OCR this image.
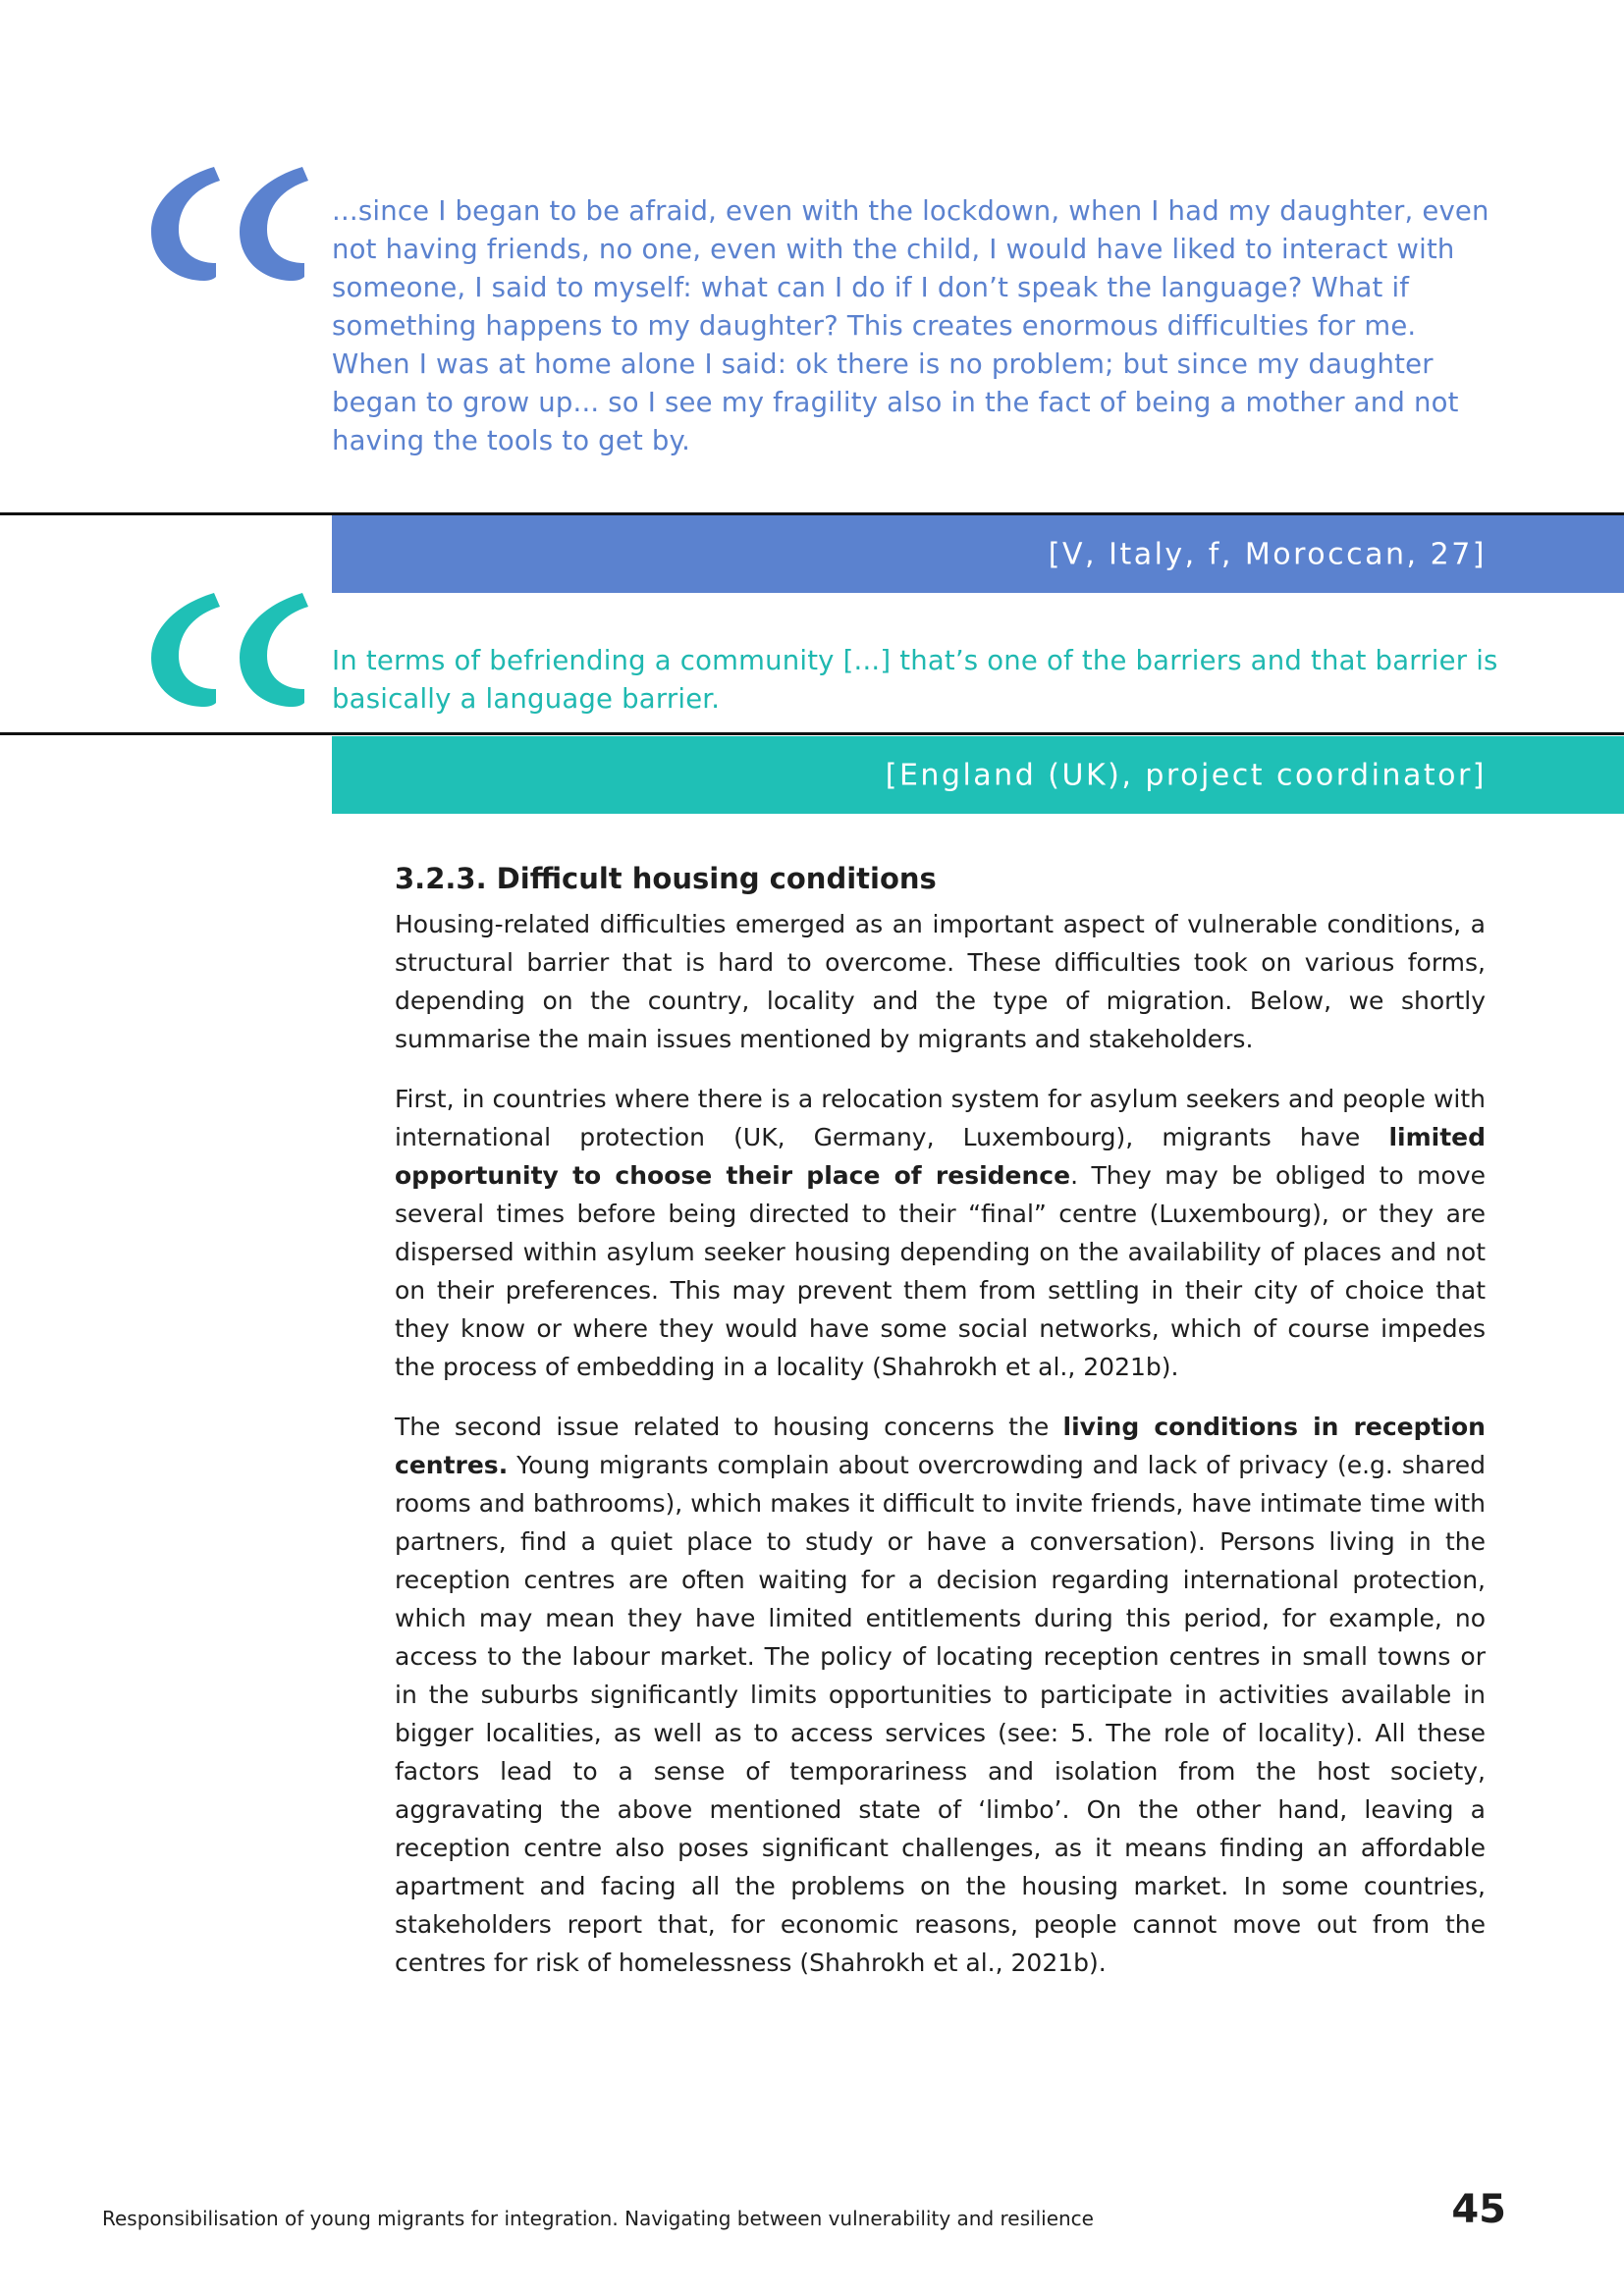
...since I began to be afraid, even with the lockdown, when I had my daughter, even not having friends, no one, even with the child, I would have liked to interact with someone, I said to myself: what can I do if I don’t speak the language? What if something happens to my daughter? This creates enormous difficulties for me. When I was at home alone I said: ok there is no problem; but since my daughter began to grow up... so I see my fragility also in the fact of being a mother and not having the tools to get by.

[V, Italy, f, Moroccan, 27]

In terms of befriending a community [...] that’s one of the barriers and that barrier is basically a language barrier.

[England (UK), project coordinator]

3.2.3. Difficult housing conditions

Housing-related difficulties emerged as an important aspect of vulnerable conditions, a structural barrier that is hard to overcome. These difficulties took on various forms, depending on the country, locality and the type of migration. Below, we shortly summarise the main issues mentioned by migrants and stakeholders.

First, in countries where there is a relocation system for asylum seekers and people with international protection (UK, Germany, Luxembourg), migrants have limited opportunity to choose their place of residence. They may be obliged to move several times before being directed to their “final” centre (Luxembourg), or they are dispersed within asylum seeker housing depending on the availability of places and not on their preferences. This may prevent them from settling in their city of choice that they know or where they would have some social networks, which of course impedes the process of embedding in a locality (Shahrokh et al., 2021b).

The second issue related to housing concerns the living conditions in reception centres. Young migrants complain about overcrowding and lack of privacy (e.g. shared rooms and bathrooms), which makes it difficult to invite friends, have intimate time with partners, find a quiet place to study or have a conversation). Persons living in the reception centres are often waiting for a decision regarding international protection, which may mean they have limited entitlements during this period, for example, no access to the labour market. The policy of locating reception centres in small towns or in the suburbs significantly limits opportunities to participate in activities available in bigger localities, as well as to access services (see: 5. The role of locality). All these factors lead to a sense of temporariness and isolation from the host society, aggravating the above mentioned state of ‘limbo’. On the other hand, leaving a reception centre also poses significant challenges, as it means finding an affordable apartment and facing all the problems on the housing market. In some countries, stakeholders report that, for economic reasons, people cannot move out from the centres for risk of homelessness (Shahrokh et al., 2021b).

Responsibilisation of young migrants for integration. Navigating between vulnerability and resilience	45
